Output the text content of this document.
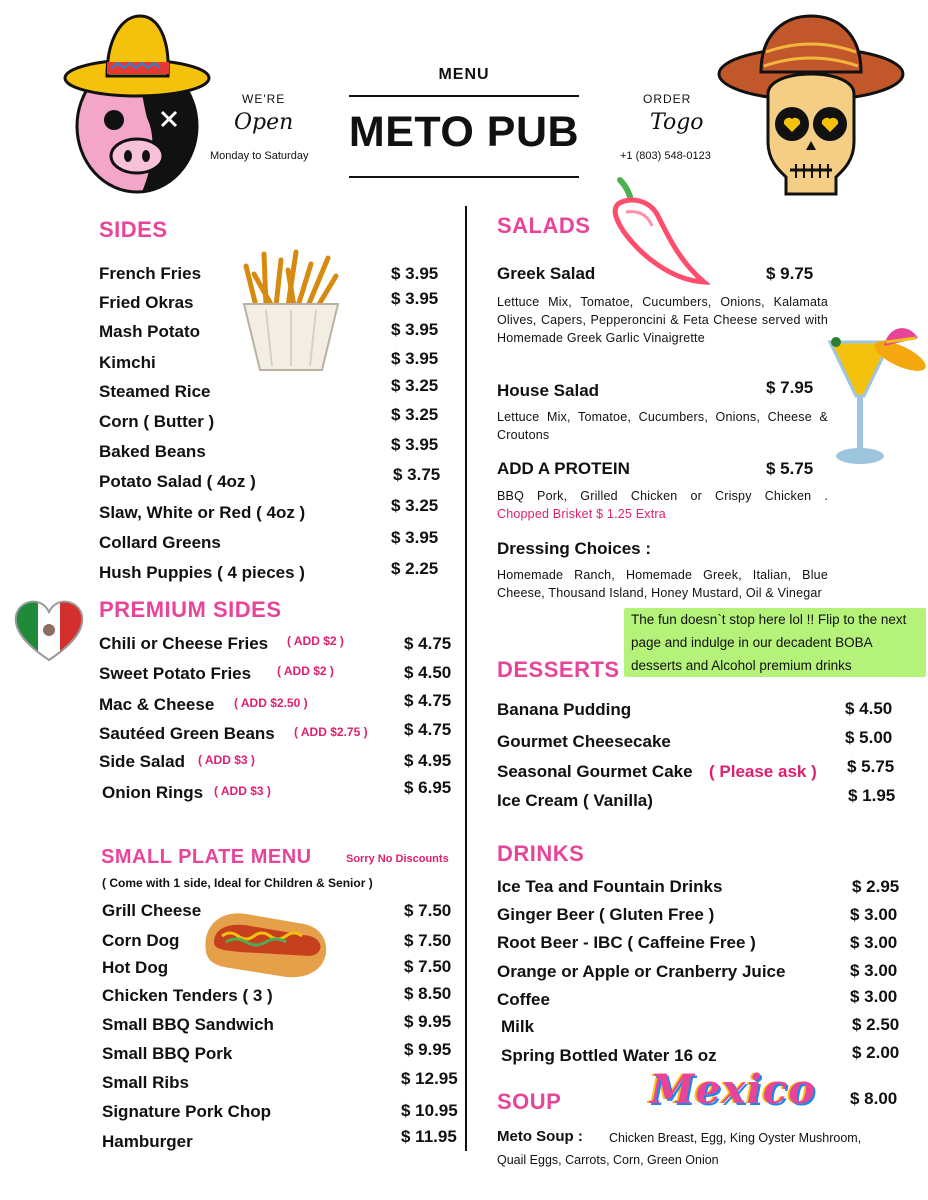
MENU
METO PUB
WE'RE
Open
Monday to Saturday
ORDER
Togo
+1 (803) 548-0123
SIDES
French Fries	$ 3.95
Fried Okras	$ 3.95
Mash Potato	$ 3.95
Kimchi	$ 3.95
Steamed Rice	$ 3.25
Corn ( Butter )	$ 3.25
Baked Beans	$ 3.95
Potato Salad ( 4oz )	$ 3.75
Slaw, White or Red ( 4oz )	$ 3.25
Collard Greens	$ 3.95
Hush Puppies ( 4 pieces )	$ 2.25
PREMIUM SIDES
Chili or Cheese Fries ( ADD $2 )	$ 4.75
Sweet Potato Fries ( ADD $2 )	$ 4.50
Mac & Cheese ( ADD $2.50 )	$ 4.75
Sautéed Green Beans ( ADD $2.75 ) $ 4.75
Side Salad ( ADD $3 )	$ 4.95
Onion Rings ( ADD $3 )	$ 6.95
SMALL PLATE MENU	Sorry No Discounts
( Come with 1 side, Ideal for Children & Senior )
Grill Cheese	$ 7.50
Corn Dog	$ 7.50
Hot Dog	$ 7.50
Chicken Tenders ( 3 )	$ 8.50
Small BBQ Sandwich	$ 9.95
Small BBQ Pork	$ 9.95
Small Ribs	$ 12.95
Signature Pork Chop	$ 10.95
Hamburger	$ 11.95
SALADS
Greek Salad	$ 9.75
Lettuce Mix, Tomatoe, Cucumbers, Onions, Kalamata Olives, Capers, Pepperoncini & Feta Cheese served with Homemade Greek Garlic Vinaigrette
House Salad	$ 7.95
Lettuce Mix, Tomatoe, Cucumbers, Onions, Cheese & Croutons
ADD A PROTEIN	$ 5.75
BBQ Pork, Grilled Chicken or Crispy Chicken .
Chopped Brisket $ 1.25 Extra
Dressing Choices :
Homemade Ranch, Homemade Greek, Italian, Blue Cheese, Thousand Island, Honey Mustard, Oil & Vinegar
The fun doesn`t stop here lol !! Flip to the next page and indulge in our decadent BOBA desserts and Alcohol premium drinks
DESSERTS
Banana Pudding	$ 4.50
Gourmet Cheesecake	$ 5.00
Seasonal Gourmet Cake ( Please ask ) $ 5.75
Ice Cream ( Vanilla)	$ 1.95
DRINKS
Ice Tea and Fountain Drinks	$ 2.95
Ginger Beer ( Gluten Free )	$ 3.00
Root Beer - IBC ( Caffeine Free )	$ 3.00
Orange or Apple or Cranberry Juice	$ 3.00
Coffee	$ 3.00
Milk	$ 2.50
Spring Bottled Water 16 oz	$ 2.00
SOUP Mexico $ 8.00
Meto Soup : Chicken Breast, Egg, King Oyster Mushroom,
Quail Eggs, Carrots, Corn, Green Onion
